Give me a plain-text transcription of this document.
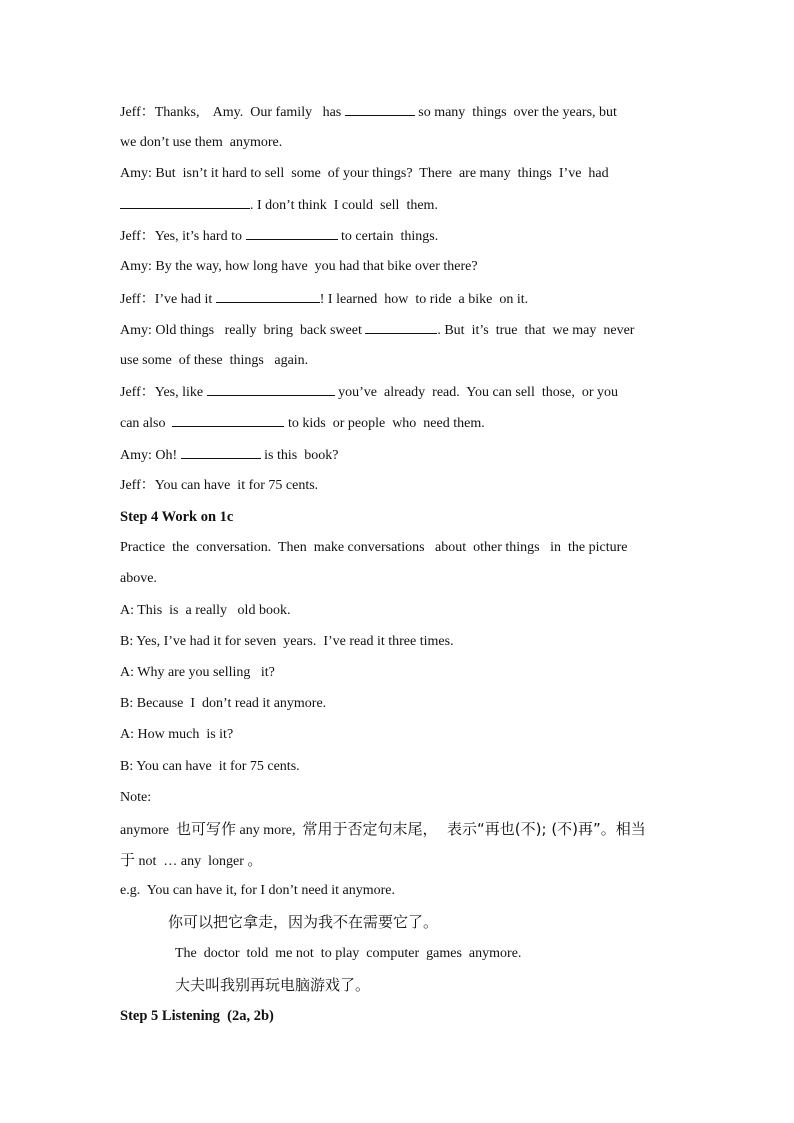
Jeff：Thanks,    Amy.  Our family   has	so many  things  over the years, but
we don’t use them  anymore.
Amy: But  isn’t it hard to sell  some  of your things?  There  are many  things  I’ve  had
. I don’t think  I could  sell  them.
Jeff：Yes, it’s hard to	to certain  things.
Amy: By the way, how long have  you had that bike over there?
Jeff：I’ve had it	! I learned  how  to ride  a bike  on it.
Amy: Old things   really  bring  back sweet	. But  it’s  true  that  we may  never
use some  of these  things   again.
Jeff：Yes, like	you’ve  already  read.  You can sell  those,  or you
can also	to kids  or people  who  need them.
Amy: Oh!	is this  book?
Jeff：You can have  it for 75 cents.
Step 4 Work on 1c
Practice  the  conversation.  Then  make conversations   about  other things   in  the picture
above.
A: This  is  a really   old book.
B: Yes, I’ve had it for seven  years.  I’ve read it three times.
A: Why are you selling   it?
B: Because  I  don’t read it anymore.
A: How much  is it?
B: You can have  it for 75 cents.
Note:
anymore  也可写作 any more,  常用于否定句末尾，  表示“再也(不); (不)再”。相当
于 not  … any  longer 。
e.g.  You can have it, for I don’t need it anymore.
你可以把它拿走，因为我不在需要它了。
The  doctor  told  me not  to play  computer  games  anymore.
大夫叫我别再玩电脑游戏了。
Step 5 Listening  (2a, 2b)
